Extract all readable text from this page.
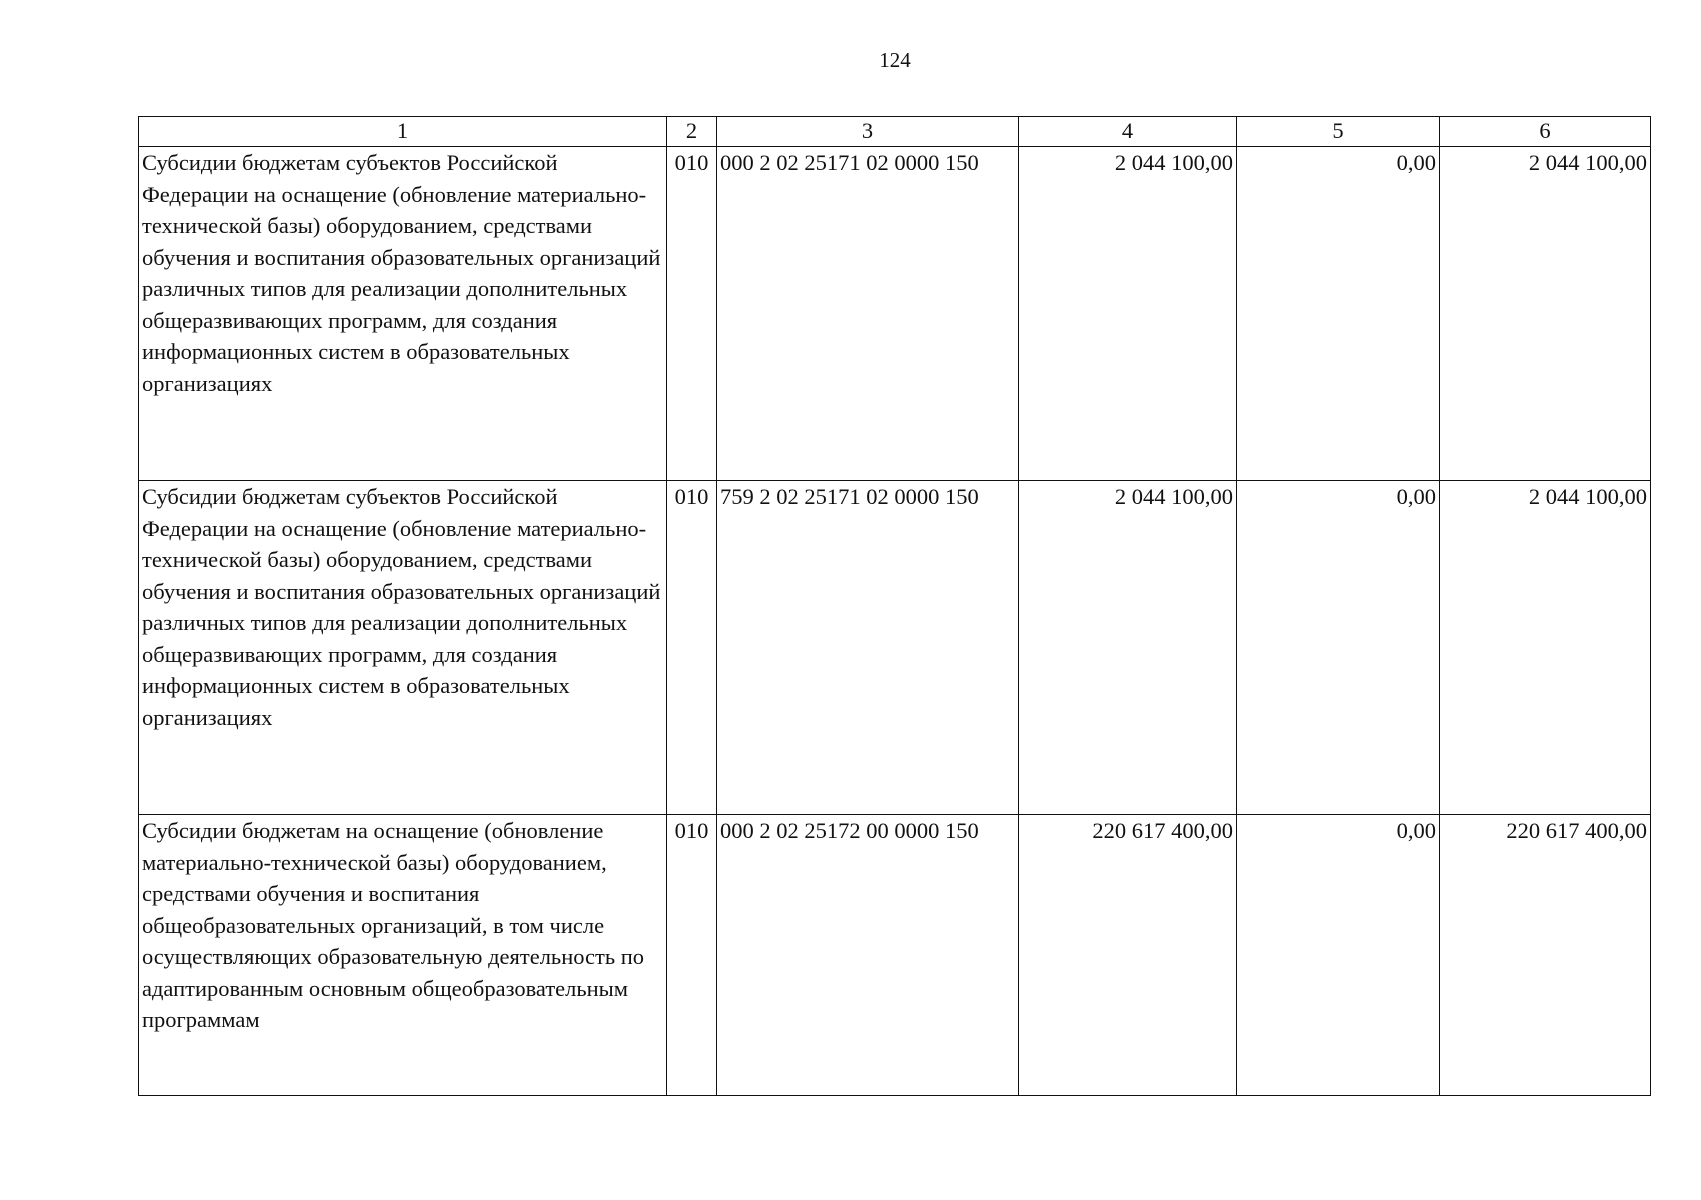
124
1	2	3	4	5	6
Субсидии бюджетам субъектов Российской Федерации на оснащение (обновление материально-технической базы) оборудованием, средствами обучения и воспитания образовательных организаций различных типов для реализации дополнительных общеразвивающих программ, для создания информационных систем в образовательных организациях	010	000 2 02 25171 02 0000 150	2 044 100,00	0,00	2 044 100,00
Субсидии бюджетам субъектов Российской Федерации на оснащение (обновление материально-технической базы) оборудованием, средствами обучения и воспитания образовательных организаций различных типов для реализации дополнительных общеразвивающих программ, для создания информационных систем в образовательных организациях	010	759 2 02 25171 02 0000 150	2 044 100,00	0,00	2 044 100,00
Субсидии бюджетам на оснащение (обновление материально-технической базы) оборудованием, средствами обучения и воспитания общеобразовательных организаций, в том числе осуществляющих образовательную деятельность по адаптированным основным общеобразовательным программам	010	000 2 02 25172 00 0000 150	220 617 400,00	0,00	220 617 400,00
